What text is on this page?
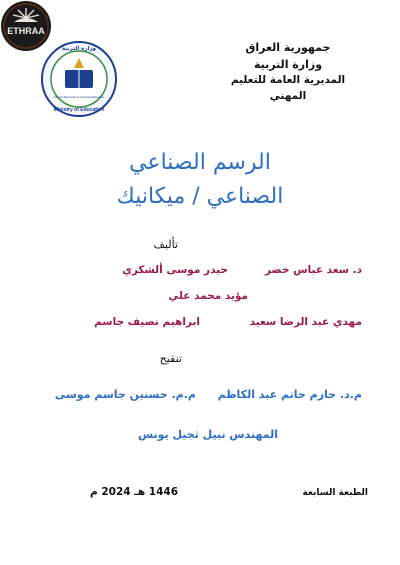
ETHRAA
وزارة التربية
General Directorate of Vocational Education
Ministry of Education
جمهورية العراق
وزارة التربية
المديرية العامة للتعليم المهني
الرسم الصناعي
الصناعي / ميكانيك
تأليف
د. سعد عباس خضر
حيدر موسى ألشكري
مؤيد محمد علي
مهدي عبد الرضا سعيد
ابراهيم نصيف جاسم
تنقيح
م.د. حازم حاتم عبد الكاظم
م.م. حسنين جاسم موسى
المهندس نبيل ثجيل يونس
الطبعة السابعة
1446 هـ 2024 م
